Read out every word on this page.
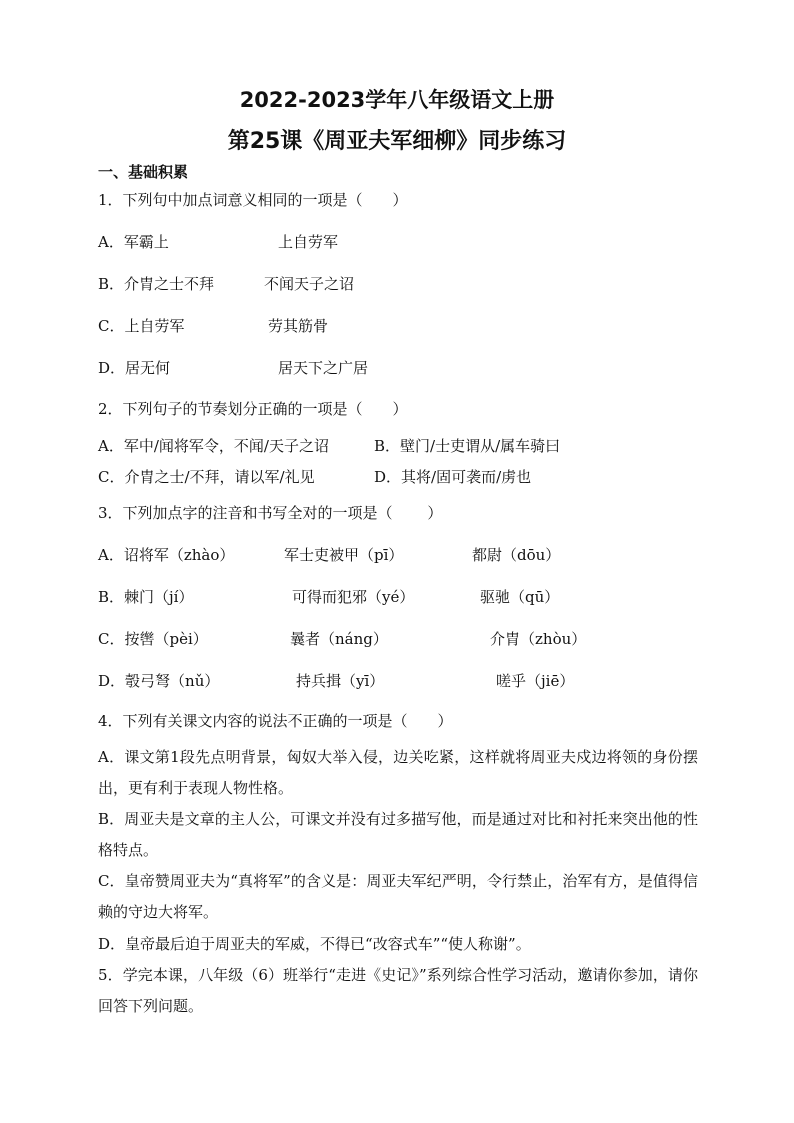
2022-2023学年八年级语文上册
第25课《周亚夫军细柳》同步练习
一、基础积累
1．下列句中加点词意义相同的一项是（　　）
A．军霸上	上自劳军
B．介胄之士不拜	不闻天子之诏
C．上自劳军	劳其筋骨
D．居无何	居天下之广居
2．下列句子的节奏划分正确的一项是（　　）
A．军中/闻将军令，不闻/天子之诏	B．壁门/士吏谓从/属车骑曰
C．介胄之士/不拜，请以军/礼见	D．其将/固可袭而/虏也
3．下列加点字的注音和书写全对的一项是（　　 ）
A．诏将军（zhào）	军士吏被甲（pī）	都尉（dōu）
B．棘门（jí）	可得而犯邪（yé）	驱驰（qū）
C．按辔（pèi）	曩者（náng）	介胄（zhòu）
D．彀弓弩（nǔ）	持兵揖（yī）	嗟乎（jiē）
4．下列有关课文内容的说法不正确的一项是（　　）
A．课文第1段先点明背景，匈奴大举入侵，边关吃紧，这样就将周亚夫戍边将领的身份摆出，更有利于表现人物性格。
B．周亚夫是文章的主人公，可课文并没有过多描写他，而是通过对比和衬托来突出他的性格特点。
C．皇帝赞周亚夫为“真将军”的含义是：周亚夫军纪严明，令行禁止，治军有方，是值得信赖的守边大将军。
D．皇帝最后迫于周亚夫的军威，不得已“改容式车”“使人称谢”。
5．学完本课，八年级（6）班举行“走进《史记》”系列综合性学习活动，邀请你参加，请你回答下列问题。
